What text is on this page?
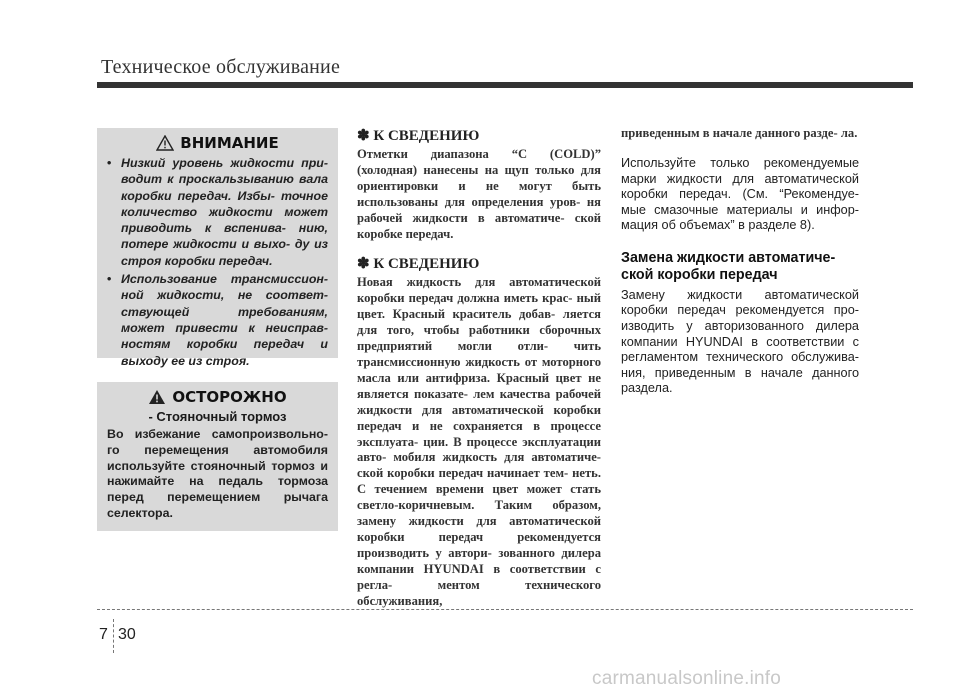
Техническое обслуживание
ВНИМАНИЕ
• Низкий уровень жидкости при- водит к проскальзыванию вала коробки передач. Избы- точное количество жидкости может приводить к вспенива- нию, потере жидкости и выхо- ду из строя коробки передач.
• Использование трансмиссион- ной жидкости, не соответ- ствующей требованиям, может привести к неисправ- ностям коробки передач и выходу ее из строя.
ОСТОРОЖНО
- Стояночный тормоз
Во избежание самопроизвольно- го перемещения автомобиля используйте стояночный тормоз и нажимайте на педаль тормоза перед перемещением рычага селектора.
✽ К СВЕДЕНИЮ

Отметки диапазона “C (COLD)” (холодная) нанесены на щуп только для ориентировки и не могут быть использованы для определения уров- ня рабочей жидкости в автоматиче- ской коробке передач.

✽ К СВЕДЕНИЮ

Новая жидкость для автоматической коробки передач должна иметь крас- ный цвет. Красный краситель добав- ляется для того, чтобы работники сборочных предприятий могли отли- чить трансмиссионную жидкость от моторного масла или антифриза. Красный цвет не является показате- лем качества рабочей жидкости для автоматической коробки передач и не сохраняется в процессе эксплуата- ции. В процессе эксплуатации авто- мобиля жидкость для автоматиче- ской коробки передач начинает тем- неть. С течением времени цвет может стать светло-коричневым. Таким образом, замену жидкости для автоматической коробки передач рекомендуется производить у автори- зованного дилера компании HYUNDAI в соответствии с регла- ментом технического обслуживания,

приведенным в начале данного разде- ла.

Используйте только рекомендуемые марки жидкости для автоматической коробки передач. (См. “Рекомендуе- мые смазочные материалы и инфор- мация об объемах” в разделе 8).

Замена жидкости автоматиче- ской коробки передач

Замену жидкости автоматической коробки передач рекомендуется про- изводить у авторизованного дилера компании HYUNDAI в соответствии с регламентом технического обслужива- ния, приведенным в начале данного раздела.

7 30
carmanualsonline.info
